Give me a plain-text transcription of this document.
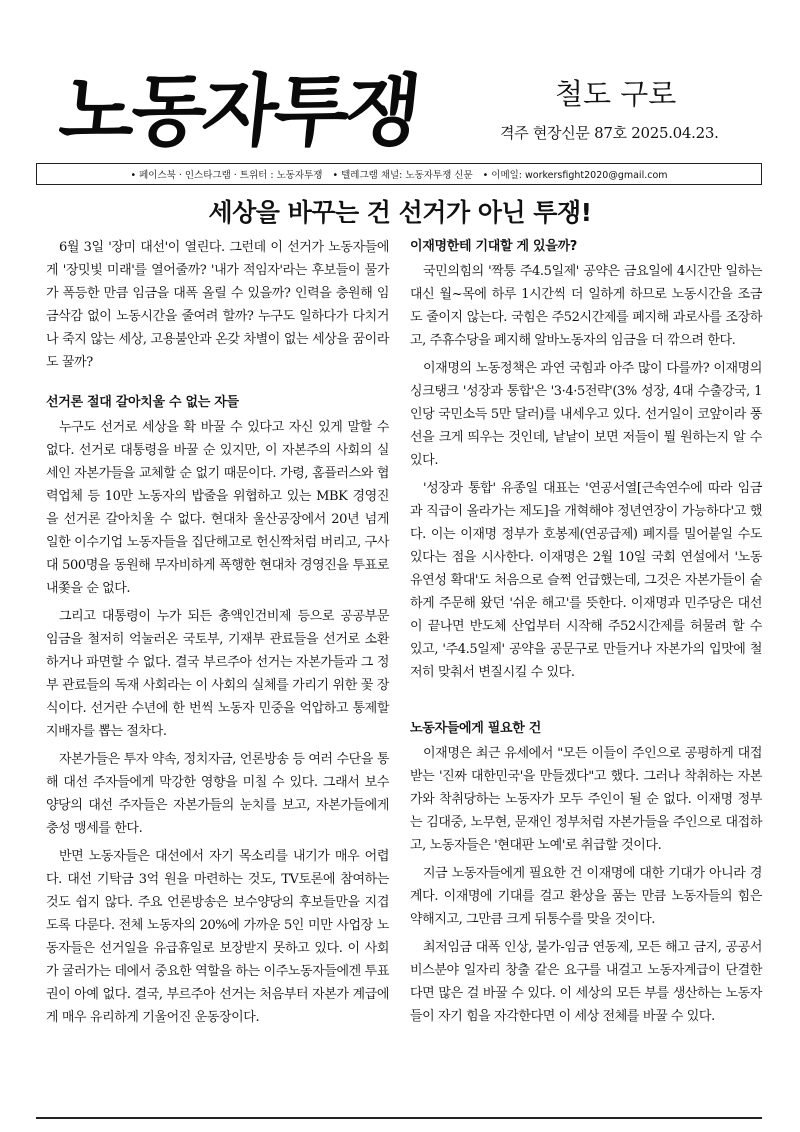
노동자투쟁	철도 구로
격주 현장신문 87호 2025.04.23.
• 페이스북 · 인스타그램 · 트위터 : 노동자투쟁 • 텔레그램 채널: 노동자투쟁 신문 • 이메일: workersfight2020@gmail.com
세상을 바꾸는 건 선거가 아닌 투쟁!

6월 3일 '장미 대선'이 열린다. 그런데 이 선거가 노동자들에게 '장밋빛 미래'를 열어줄까? '내가 적임자'라는 후보들이 물가가 폭등한 만큼 임금을 대폭 올릴 수 있을까? 인력을 충원해 임금삭감 없이 노동시간을 줄여려 할까? 누구도 일하다가 다치거나 죽지 않는 세상, 고용불안과 온갖 차별이 없는 세상을 꿈이라도 꿀까?

선거론 절대 갈아치울 수 없는 자들

누구도 선거로 세상을 확 바꿀 수 있다고 자신 있게 말할 수 없다. 선거로 대통령을 바꿀 순 있지만, 이 자본주의 사회의 실세인 자본가들을 교체할 순 없기 때문이다. 가령, 홈플러스와 협력업체 등 10만 노동자의 밥줄을 위협하고 있는 MBK 경영진을 선거론 갈아치울 수 없다. 현대차 울산공장에서 20년 넘게 일한 이수기업 노동자들을 집단해고로 헌신짝처럼 버리고, 구사대 500명을 동원해 무자비하게 폭행한 현대차 경영진을 투표로 내쫓을 순 없다.

그리고 대통령이 누가 되든 총액인건비제 등으로 공공부문 임금을 철저히 억눌러온 국토부, 기재부 관료들을 선거로 소환하거나 파면할 수 없다. 결국 부르주아 선거는 자본가들과 그 정부 관료들의 독재 사회라는 이 사회의 실체를 가리기 위한 꽃 장식이다. 선거란 수년에 한 번씩 노동자 민중을 억압하고 통제할 지배자를 뽑는 절차다.

자본가들은 투자 약속, 정치자금, 언론방송 등 여러 수단을 통해 대선 주자들에게 막강한 영향을 미칠 수 있다. 그래서 보수 양당의 대선 주자들은 자본가들의 눈치를 보고, 자본가들에게 충성 맹세를 한다.

반면 노동자들은 대선에서 자기 목소리를 내기가 매우 어렵다. 대선 기탁금 3억 원을 마련하는 것도, TV토론에 참여하는 것도 쉽지 않다. 주요 언론방송은 보수양당의 후보들만을 지겹도록 다룬다. 전체 노동자의 20%에 가까운 5인 미만 사업장 노동자들은 선거일을 유급휴일로 보장받지 못하고 있다. 이 사회가 굴러가는 데에서 중요한 역할을 하는 이주노동자들에겐 투표권이 아예 없다. 결국, 부르주아 선거는 처음부터 자본가 계급에게 매우 유리하게 기울어진 운동장이다.

이재명한테 기대할 게 있을까?

국민의힘의 '짝퉁 주4.5일제' 공약은 금요일에 4시간만 일하는 대신 월~목에 하루 1시간씩 더 일하게 하므로 노동시간을 조금도 줄이지 않는다. 국힘은 주52시간제를 폐지해 과로사를 조장하고, 주휴수당을 폐지해 알바노동자의 임금을 더 깎으려 한다.

이재명의 노동정책은 과연 국힘과 아주 많이 다를까? 이재명의 싱크탱크 '성장과 통합'은 '3·4·5전략'(3% 성장, 4대 수출강국, 1인당 국민소득 5만 달러)를 내세우고 있다. 선거일이 코앞이라 풍선을 크게 띄우는 것인데, 낱낱이 보면 저들이 뭘 원하는지 알 수 있다.

'성장과 통합' 유종일 대표는 '연공서열[근속연수에 따라 임금과 직급이 올라가는 제도]을 개혁해야 정년연장이 가능하다'고 했다. 이는 이재명 정부가 호봉제(연공급제) 폐지를 밀어붙일 수도 있다는 점을 시사한다. 이재명은 2월 10일 국회 연설에서 '노동유연성 확대'도 처음으로 슬쩍 언급했는데, 그것은 자본가들이 숱하게 주문해 왔던 '쉬운 해고'를 뜻한다. 이재명과 민주당은 대선이 끝나면 반도체 산업부터 시작해 주52시간제를 허물려 할 수 있고, '주4.5일제' 공약을 공문구로 만들거나 자본가의 입맛에 철저히 맞춰서 변질시킬 수 있다.

노동자들에게 필요한 건

이재명은 최근 유세에서 "모든 이들이 주인으로 공평하게 대접받는 '진짜 대한민국'을 만들겠다"고 했다. 그러나 착취하는 자본가와 착취당하는 노동자가 모두 주인이 될 순 없다. 이재명 정부는 김대중, 노무현, 문재인 정부처럼 자본가들을 주인으로 대접하고, 노동자들은 '현대판 노예'로 취급할 것이다.

지금 노동자들에게 필요한 건 이재명에 대한 기대가 아니라 경계다. 이재명에 기대를 걸고 환상을 품는 만큼 노동자들의 힘은 약해지고, 그만큼 크게 뒤통수를 맞을 것이다.

최저임금 대폭 인상, 불가-임금 연동제, 모든 해고 금지, 공공서비스분야 일자리 창출 같은 요구를 내걸고 노동자계급이 단결한다면 많은 걸 바꿀 수 있다. 이 세상의 모든 부를 생산하는 노동자들이 자기 힘을 자각한다면 이 세상 전체를 바꿀 수 있다.
